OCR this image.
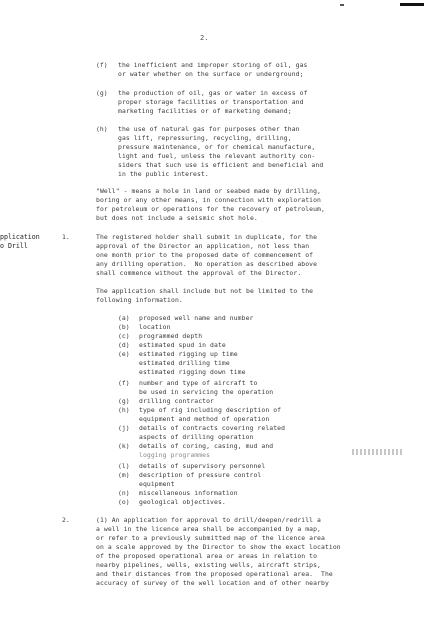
2.
(f) the inefficient and improper storing of oil, gas
or water whether on the surface or underground;
(g) the production of oil, gas or water in excess of
proper storage facilities or transportation and
marketing facilities or of marketing demand;
(h) the use of natural gas for purposes other than
gas lift, repressuring, recycling, drilling,
pressure maintenance, or for chemical manufacture,
light and fuel, unless the relevant authority con-
siders that such use is efficient and beneficial and
in the public interest.
"Well" - means a hole in land or seabed made by drilling,
boring or any other means, in connection with exploration
for petroleum or operations for the recovery of petroleum,
but does not include a seismic shot hole.
pplication
o Drill
1.	The registered holder shall submit in duplicate, for the
approval of the Director an application, not less than
one month prior to the proposed date of commencement of
any drilling operation.  No operation as described above
shall commence without the approval of the Director.
The application shall include but not be limited to the
following information.
(a) proposed well name and number
(b) location
(c) programmed depth
(d) estimated spud in date
(e) estimated rigging up time
estimated drilling time
estimated rigging down time
(f) number and type of aircraft to
be used in servicing the operation
(g) drilling contractor
(h) type of rig including description of
equipment and method of operation
(j) details of contracts covering related
aspects of drilling operation
(k) details of coring, casing, mud and
logging programmes
(l) details of supervisory personnel
(m) description of pressure control
equipment
(n) miscellaneous information
(o) geological objectives.
2.	(1) An application for approval to drill/deepen/redrill a
a well in the licence area shall be accompanied by a map,
or refer to a previously submitted map of the licence area
on a scale approved by the Director to show the exact location
of the proposed operational area or areas in relation to
nearby pipelines, wells, existing wells, aircraft strips,
and their distances from the proposed operational area.  The
accuracy of survey of the well location and of other nearby
